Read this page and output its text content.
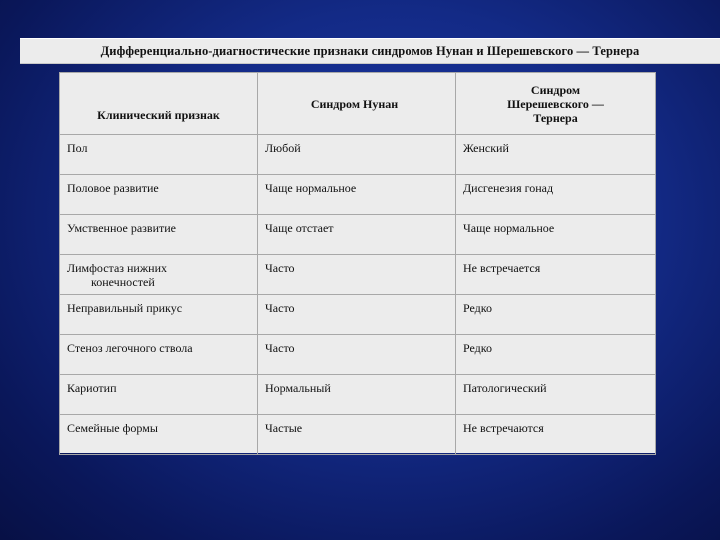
Дифференциально-диагностические признаки синдромов Нунан и Шерешевского — Тернера
Клинический признак	Синдром Нунан	Синдром
Шерешевского —
Тернера
Пол	Любой	Женский
Половое развитие	Чаще нормальное	Дисгенезия гонад
Умственное развитие	Чаще отстает	Чаще нормальное
Лимфостаз нижних
конечностей	Часто	Не встречается
Неправильный прикус	Часто	Редко
Стеноз легочного ствола	Часто	Редко
Кариотип	Нормальный	Патологический
Семейные формы	Частые	Не встречаются
